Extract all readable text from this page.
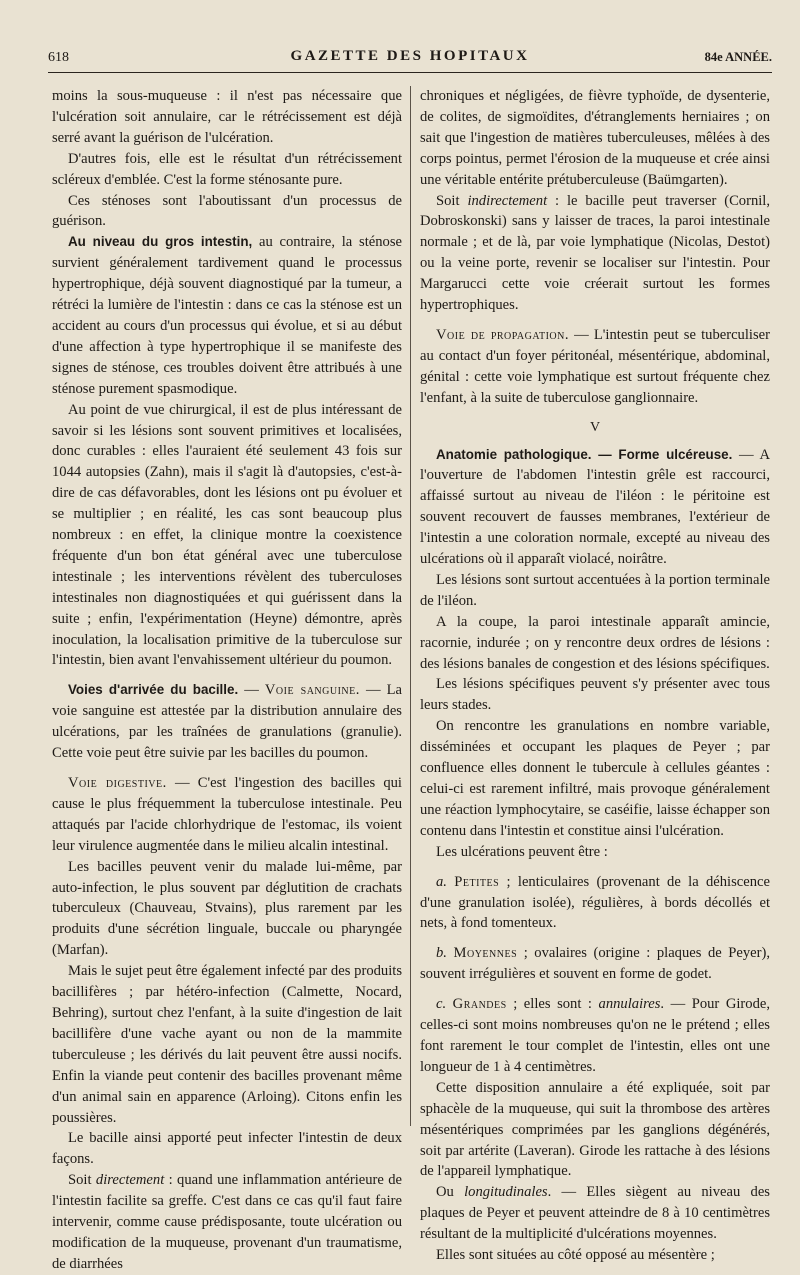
618	GAZETTE DES HOPITAUX	84e ANNÉE.

moins la sous-muqueuse : il n'est pas nécessaire que l'ulcération soit annulaire, car le rétrécissement est déjà serré avant la guérison de l'ulcération.

D'autres fois, elle est le résultat d'un rétrécissement scléreux d'emblée. C'est la forme sténosante pure.

Ces sténoses sont l'aboutissant d'un processus de guérison.

Au niveau du gros intestin, au contraire, la sténose survient généralement tardivement quand le processus hypertrophique, déjà souvent diagnostiqué par la tumeur, a rétréci la lumière de l'intestin : dans ce cas la sténose est un accident au cours d'un processus qui évolue, et si au début d'une affection à type hypertrophique il se manifeste des signes de sténose, ces troubles doivent être attribués à une sténose purement spasmodique.

Au point de vue chirurgical, il est de plus intéressant de savoir si les lésions sont souvent primitives et localisées, donc curables : elles l'auraient été seulement 43 fois sur 1044 autopsies (Zahn), mais il s'agit là d'autopsies, c'est-à-dire de cas défavorables, dont les lésions ont pu évoluer et se multiplier ; en réalité, les cas sont beaucoup plus nombreux : en effet, la clinique montre la coexistence fréquente d'un bon état général avec une tuberculose intestinale ; les interventions révèlent des tuberculoses intestinales non diagnostiquées et qui guérissent dans la suite ; enfin, l'expérimentation (Heyne) démontre, après inoculation, la localisation primitive de la tuberculose sur l'intestin, bien avant l'envahissement ultérieur du poumon.

Voies d'arrivée du bacille. — Voie sanguine. — La voie sanguine est attestée par la distribution annulaire des ulcérations, par les traînées de granulations (granulie). Cette voie peut être suivie par les bacilles du poumon.

Voie digestive. — C'est l'ingestion des bacilles qui cause le plus fréquemment la tuberculose intestinale. Peu attaqués par l'acide chlorhydrique de l'estomac, ils voient leur virulence augmentée dans le milieu alcalin intestinal.

Les bacilles peuvent venir du malade lui-même, par auto-infection, le plus souvent par déglutition de crachats tuberculeux (Chauveau, Stvains), plus rarement par les produits d'une sécrétion linguale, buccale ou pharyngée (Marfan).

Mais le sujet peut être également infecté par des produits bacillifères ; par hétéro-infection (Calmette, Nocard, Behring), surtout chez l'enfant, à la suite d'ingestion de lait bacillifère d'une vache ayant ou non de la mammite tuberculeuse ; les dérivés du lait peuvent être aussi nocifs. Enfin la viande peut contenir des bacilles provenant même d'un animal sain en apparence (Arloing). Citons enfin les poussières.

Le bacille ainsi apporté peut infecter l'intestin de deux façons.

Soit directement : quand une inflammation antérieure de l'intestin facilite sa greffe. C'est dans ce cas qu'il faut faire intervenir, comme cause prédisposante, toute ulcération ou modification de la muqueuse, provenant d'un traumatisme, de diarrhées

chroniques et négligées, de fièvre typhoïde, de dysenterie, de colites, de sigmoïdites, d'étranglements herniaires ; on sait que l'ingestion de matières tuberculeuses, mêlées à des corps pointus, permet l'érosion de la muqueuse et crée ainsi une véritable entérite prétuberculeuse (Baümgarten).

Soit indirectement : le bacille peut traverser (Cornil, Dobroskonski) sans y laisser de traces, la paroi intestinale normale ; et de là, par voie lymphatique (Nicolas, Destot) ou la veine porte, revenir se localiser sur l'intestin. Pour Margarucci cette voie créerait surtout les formes hypertrophiques.

Voie de propagation. — L'intestin peut se tuberculiser au contact d'un foyer péritonéal, mésentérique, abdominal, génital : cette voie lymphatique est surtout fréquente chez l'enfant, à la suite de tuberculose ganglionnaire.

V

Anatomie pathologique. — Forme ulcéreuse. — A l'ouverture de l'abdomen l'intestin grêle est raccourci, affaissé surtout au niveau de l'iléon : le péritoine est souvent recouvert de fausses membranes, l'extérieur de l'intestin a une coloration normale, excepté au niveau des ulcérations où il apparaît violacé, noirâtre.

Les lésions sont surtout accentuées à la portion terminale de l'iléon.

A la coupe, la paroi intestinale apparaît amincie, racornie, indurée ; on y rencontre deux ordres de lésions : des lésions banales de congestion et des lésions spécifiques.

Les lésions spécifiques peuvent s'y présenter avec tous leurs stades.

On rencontre les granulations en nombre variable, disséminées et occupant les plaques de Peyer ; par confluence elles donnent le tubercule à cellules géantes : celui-ci est rarement infiltré, mais provoque généralement une réaction lymphocytaire, se caséifie, laisse échapper son contenu dans l'intestin et constitue ainsi l'ulcération.

Les ulcérations peuvent être :

a. Petites ; lenticulaires (provenant de la déhiscence d'une granulation isolée), régulières, à bords décollés et nets, à fond tomenteux.

b. Moyennes ; ovalaires (origine : plaques de Peyer), souvent irrégulières et souvent en forme de godet.

c. Grandes ; elles sont : annulaires. — Pour Girode, celles-ci sont moins nombreuses qu'on ne le prétend ; elles font rarement le tour complet de l'intestin, elles ont une longueur de 1 à 4 centimètres.

Cette disposition annulaire a été expliquée, soit par sphacèle de la muqueuse, qui suit la thrombose des artères mésentériques comprimées par les ganglions dégénérés, soit par artérite (Laveran). Girode les rattache à des lésions de l'appareil lymphatique.

Ou longitudinales. — Elles siègent au niveau des plaques de Peyer et peuvent atteindre de 8 à 10 centimètres résultant de la multiplicité d'ulcérations moyennes.

Elles sont situées au côté opposé au mésentère ;
